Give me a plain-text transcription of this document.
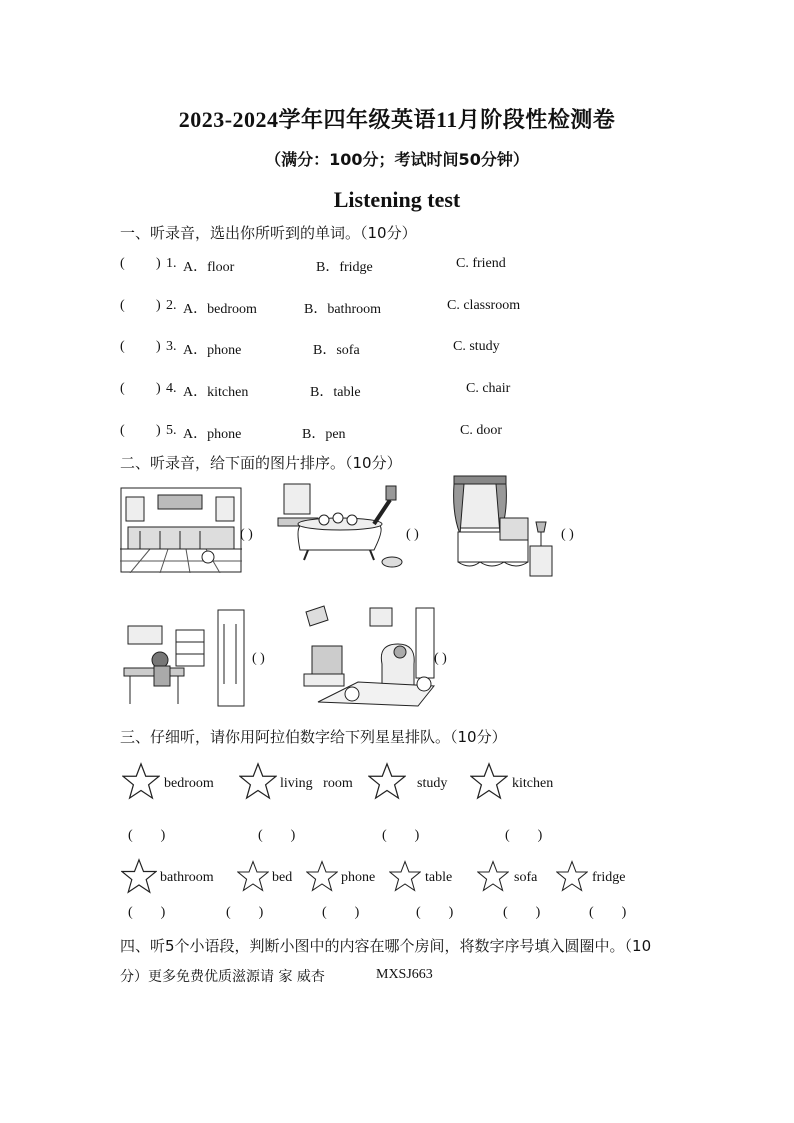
2023-2024学年四年级英语11月阶段性检测卷
（满分：100分；考试时间50分钟）
Listening test
一、听录音，选出你所听到的单词。（10分）
( ) 1. A．floor	B．fridge	C. friend
( ) 2. A．bedroom	B．bathroom	C. classroom
( ) 3. A．phone	B．sofa	C. study
( ) 4. A．kitchen	B．table	C. chair
( ) 5. A．phone	B．pen	C. door
二、听录音，给下面的图片排序。（10分）
( )	( )	( )
( )	( )
三、仔细听，请你用阿拉伯数字给下列星星排队。（10分）
bedroom	living   room	study	kitchen
(        )	(        )	(        )	(        )
bathroom	bed	phone	table	sofa	fridge
(        )	(        )	(        )	(        )	(        )	(        )
四、听5个小语段，判断小图中的内容在哪个房间，将数字序号填入圆圈中。（10
分）更多免费优质滋源请 家 威杏	MXSJ663
